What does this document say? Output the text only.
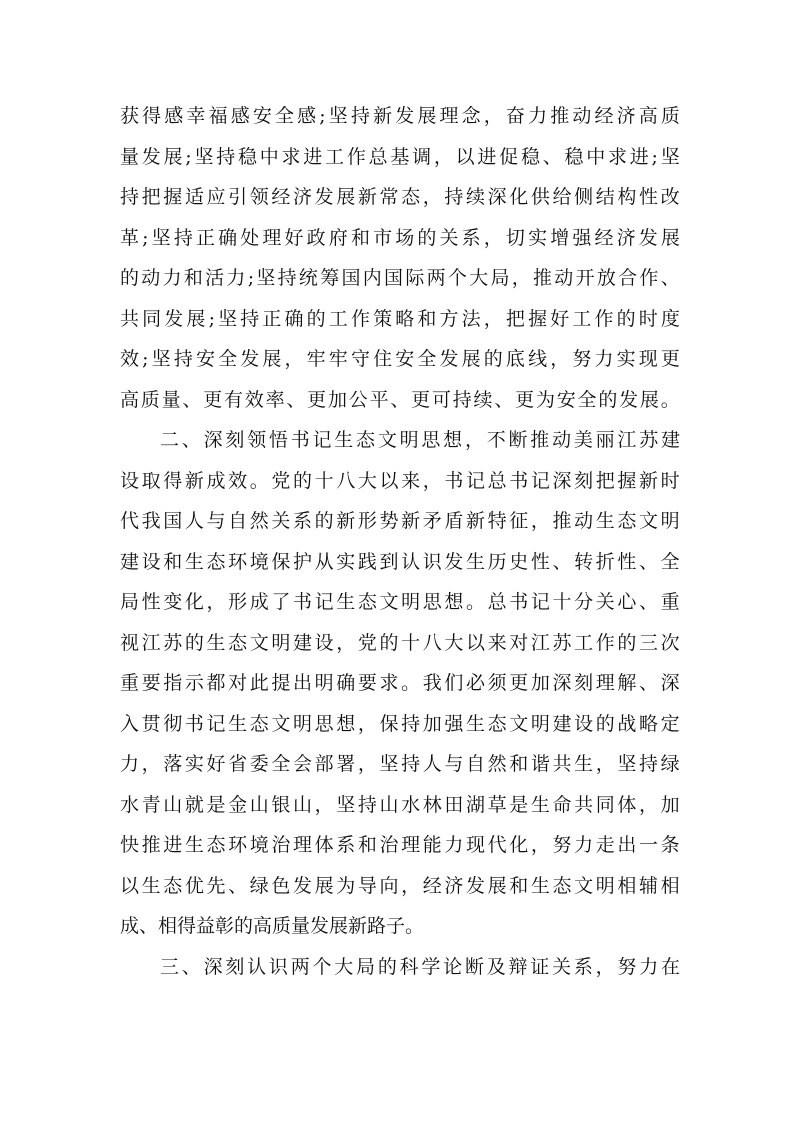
获 得 感 幸 福 感 安 全 感 ; 坚 持 新 发 展 理 念 ， 奋 力 推 动 经 济 高 质
量 发 展 ; 坚 持 稳 中 求 进 工 作 总 基 调 ， 以 进 促 稳 、 稳 中 求 进 ; 坚
持 把 握 适 应 引 领 经 济 发 展 新 常 态 ， 持 续 深 化 供 给 侧 结 构 性 改
革 ; 坚 持 正 确 处 理 好 政 府 和 市 场 的 关 系 ， 切 实 增 强 经 济 发 展
的 动 力 和 活 力 ; 坚 持 统 筹 国 内 国 际 两 个 大 局 ， 推 动 开 放 合 作 、
共 同 发 展 ; 坚 持 正 确 的 工 作 策 略 和 方 法 ， 把 握 好 工 作 的 时 度
效 ; 坚 持 安 全 发 展 ， 牢 牢 守 住 安 全 发 展 的 底 线 ， 努 力 实 现 更
高 质 量 、 更 有 效 率 、 更 加 公 平 、 更 可 持 续 、 更 为 安 全 的 发 展 。
二 、 深 刻 领 悟 书 记 生 态 文 明 思 想 ， 不 断 推 动 美 丽 江 苏 建
设 取 得 新 成 效 。 党 的 十 八 大 以 来 ， 书 记 总 书 记 深 刻 把 握 新 时
代 我 国 人 与 自 然 关 系 的 新 形 势 新 矛 盾 新 特 征 ， 推 动 生 态 文 明
建 设 和 生 态 环 境 保 护 从 实 践 到 认 识 发 生 历 史 性 、 转 折 性 、 全
局 性 变 化 ， 形 成 了 书 记 生 态 文 明 思 想 。 总 书 记 十 分 关 心 、 重
视 江 苏 的 生 态 文 明 建 设 ， 党 的 十 八 大 以 来 对 江 苏 工 作 的 三 次
重 要 指 示 都 对 此 提 出 明 确 要 求 。 我 们 必 须 更 加 深 刻 理 解 、 深
入 贯 彻 书 记 生 态 文 明 思 想 ， 保 持 加 强 生 态 文 明 建 设 的 战 略 定
力 ， 落 实 好 省 委 全 会 部 署 ， 坚 持 人 与 自 然 和 谐 共 生 ， 坚 持 绿
水 青 山 就 是 金 山 银 山 ， 坚 持 山 水 林 田 湖 草 是 生 命 共 同 体 ， 加
快 推 进 生 态 环 境 治 理 体 系 和 治 理 能 力 现 代 化 ， 努 力 走 出 一 条
以 生 态 优 先 、 绿 色 发 展 为 导 向 ， 经 济 发 展 和 生 态 文 明 相 辅 相
成、相得益彰的高质量发展新路子。
三 、 深 刻 认 识 两 个 大 局 的 科 学 论 断 及 辩 证 关 系 ， 努 力 在
